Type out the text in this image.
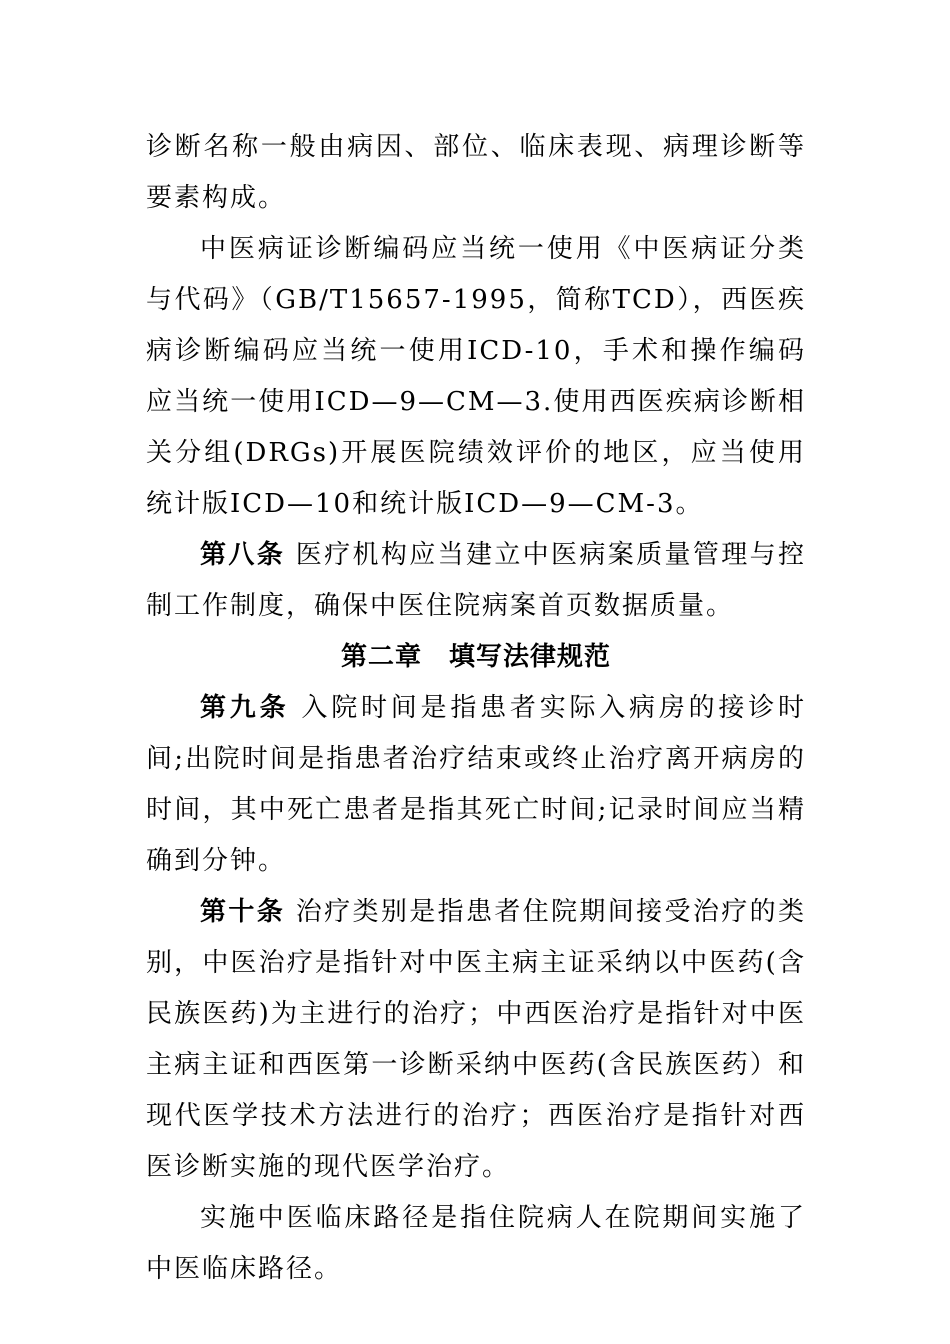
诊断名称一般由病因、部位、临床表现、病理诊断等要素构成。

中医病证诊断编码应当统一使用《中医病证分类与代码》（GB/T15657-1995，简称TCD），西医疾病诊断编码应当统一使用ICD-10，手术和操作编码应当统一使用ICD—9—CM—3.使用西医疾病诊断相关分组(DRGs)开展医院绩效评价的地区，应当使用统计版ICD—10和统计版ICD—9—CM-3。

第八条 医疗机构应当建立中医病案质量管理与控制工作制度，确保中医住院病案首页数据质量。

第二章　填写法律规范

第九条 入院时间是指患者实际入病房的接诊时间;出院时间是指患者治疗结束或终止治疗离开病房的时间，其中死亡患者是指其死亡时间;记录时间应当精确到分钟。

第十条 治疗类别是指患者住院期间接受治疗的类别，中医治疗是指针对中医主病主证采纳以中医药(含民族医药)为主进行的治疗；中西医治疗是指针对中医主病主证和西医第一诊断采纳中医药(含民族医药）和现代医学技术方法进行的治疗；西医治疗是指针对西医诊断实施的现代医学治疗。

实施中医临床路径是指住院病人在院期间实施了中医临床路径。
